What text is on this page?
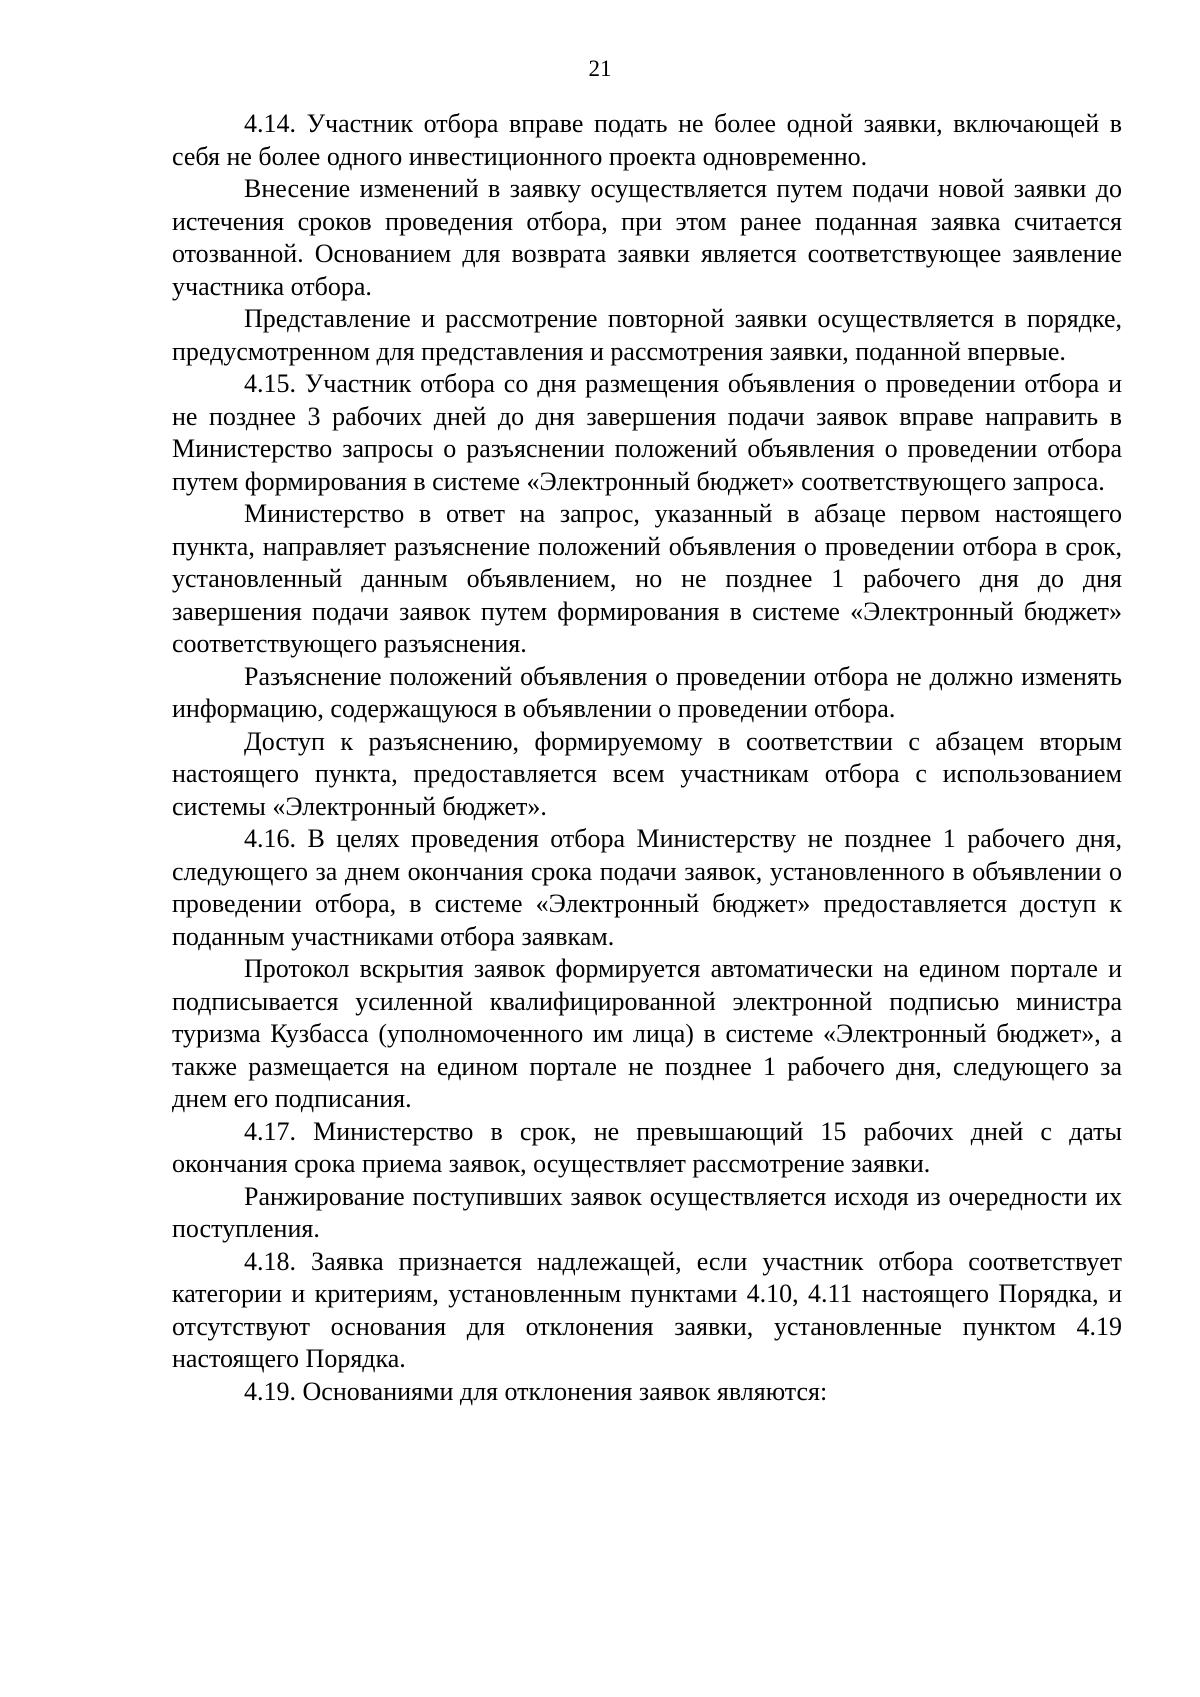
21

4.14. Участник отбора вправе подать не более одной заявки, включающей в себя не более одного инвестиционного проекта одновременно.

Внесение изменений в заявку осуществляется путем подачи новой заявки до истечения сроков проведения отбора, при этом ранее поданная заявка считается отозванной. Основанием для возврата заявки является соответствующее заявление участника отбора.

Представление и рассмотрение повторной заявки осуществляется в порядке, предусмотренном для представления и рассмотрения заявки, поданной впервые.

4.15. Участник отбора со дня размещения объявления о проведении отбора и не позднее 3 рабочих дней до дня завершения подачи заявок вправе направить в Министерство запросы о разъяснении положений объявления о проведении отбора путем формирования в системе «Электронный бюджет» соответствующего запроса.

Министерство в ответ на запрос, указанный в абзаце первом настоящего пункта, направляет разъяснение положений объявления о проведении отбора в срок, установленный данным объявлением, но не позднее 1 рабочего дня до дня завершения подачи заявок путем формирования в системе «Электронный бюджет» соответствующего разъяснения.

Разъяснение положений объявления о проведении отбора не должно изменять информацию, содержащуюся в объявлении о проведении отбора.

Доступ к разъяснению, формируемому в соответствии с абзацем вторым настоящего пункта, предоставляется всем участникам отбора с использованием системы «Электронный бюджет».

4.16. В целях проведения отбора Министерству не позднее 1 рабочего дня, следующего за днем окончания срока подачи заявок, установленного в объявлении о проведении отбора, в системе «Электронный бюджет» предоставляется доступ к поданным участниками отбора заявкам.

Протокол вскрытия заявок формируется автоматически на едином портале и подписывается усиленной квалифицированной электронной подписью министра туризма Кузбасса (уполномоченного им лица) в системе «Электронный бюджет», а также размещается на едином портале не позднее 1 рабочего дня, следующего за днем его подписания.

4.17. Министерство в срок, не превышающий 15 рабочих дней с даты окончания срока приема заявок, осуществляет рассмотрение заявки.

Ранжирование поступивших заявок осуществляется исходя из очередности их поступления.

4.18. Заявка признается надлежащей, если участник отбора соответствует категории и критериям, установленным пунктами 4.10, 4.11 настоящего Порядка, и отсутствуют основания для отклонения заявки, установленные пунктом 4.19 настоящего Порядка.

4.19. Основаниями для отклонения заявок являются:
